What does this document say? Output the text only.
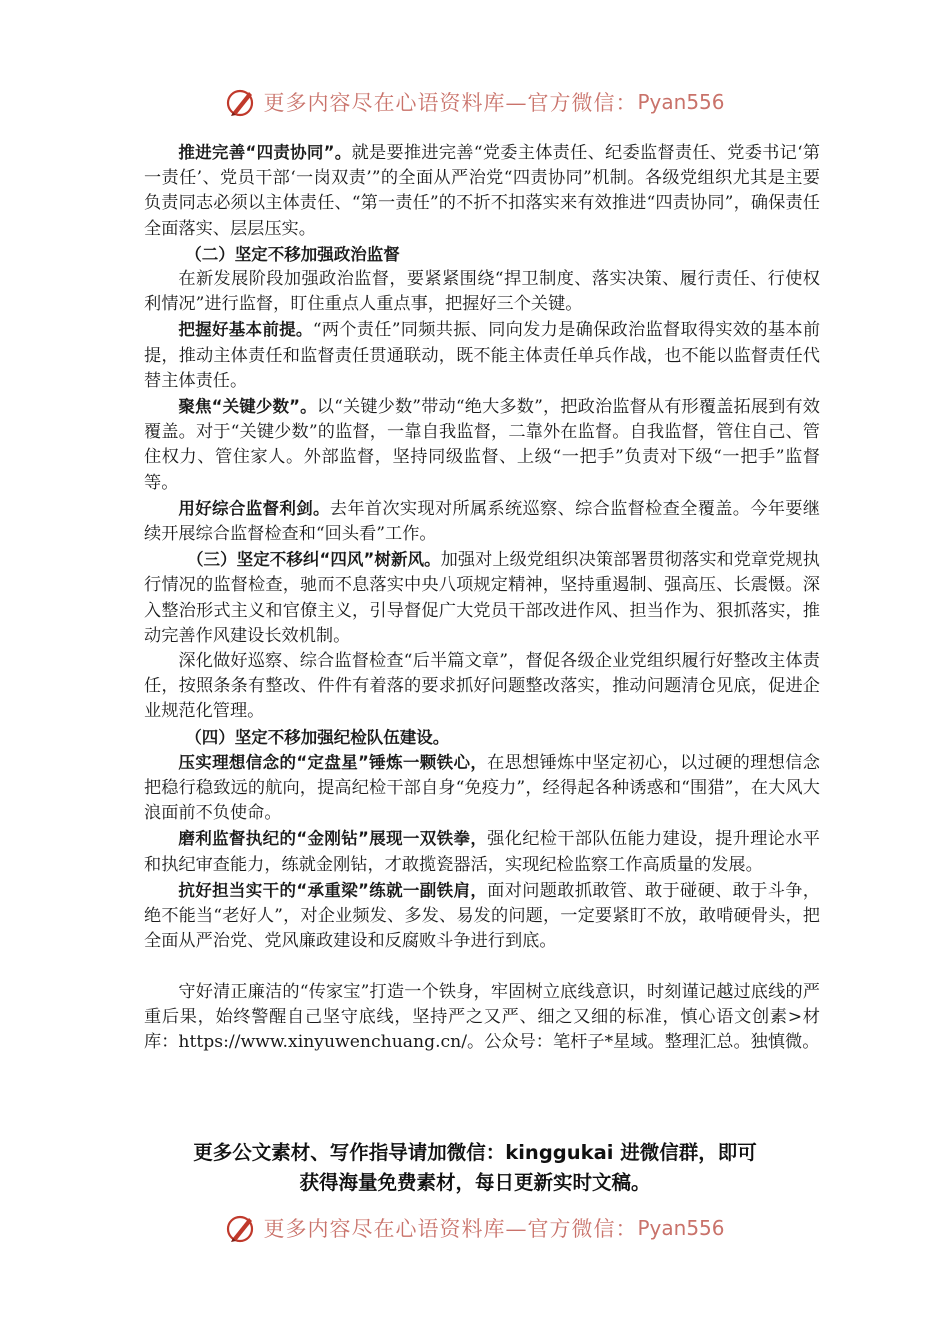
更多内容尽在心语资料库—官方微信： Pyan556

推进完善“四责协同”。就是要推进完善“党委主体责任、纪委监督责任、党委书记‘第一责任’、党员干部‘一岗双责’”的全面从严治党“四责协同”机制。各级党组织尤其是主要负责同志必须以主体责任、“第一责任”的不折不扣落实来有效推进“四责协同”，确保责任全面落实、层层压实。

（二）坚定不移加强政治监督

在新发展阶段加强政治监督，要紧紧围绕“捍卫制度、落实决策、履行责任、行使权利情况”进行监督，盯住重点人重点事，把握好三个关键。

把握好基本前提。“两个责任”同频共振、同向发力是确保政治监督取得实效的基本前提，推动主体责任和监督责任贯通联动，既不能主体责任单兵作战，也不能以监督责任代替主体责任。

聚焦“关键少数”。以“关键少数”带动“绝大多数”，把政治监督从有形覆盖拓展到有效覆盖。对于“关键少数”的监督，一靠自我监督，二靠外在监督。自我监督，管住自己、管住权力、管住家人。外部监督，坚持同级监督、上级“一把手”负责对下级“一把手”监督等。

用好综合监督利剑。去年首次实现对所属系统巡察、综合监督检查全覆盖。今年要继续开展综合监督检查和“回头看”工作。

（三）坚定不移纠“四风”树新风。加强对上级党组织决策部署贯彻落实和党章党规执行情况的监督检查，驰而不息落实中央八项规定精神，坚持重遏制、强高压、长震慑。深入整治形式主义和官僚主义，引导督促广大党员干部改进作风、担当作为、狠抓落实，推动完善作风建设长效机制。

深化做好巡察、综合监督检查“后半篇文章”，督促各级企业党组织履行好整改主体责任，按照条条有整改、件件有着落的要求抓好问题整改落实，推动问题清仓见底，促进企业规范化管理。

（四）坚定不移加强纪检队伍建设。

压实理想信念的“定盘星”锤炼一颗铁心，在思想锤炼中坚定初心，以过硬的理想信念把稳行稳致远的航向，提高纪检干部自身“免疫力”，经得起各种诱惑和“围猎”，在大风大浪面前不负使命。

磨利监督执纪的“金刚钻”展现一双铁拳，强化纪检干部队伍能力建设，提升理论水平和执纪审查能力，练就金刚钻，才敢揽瓷器活，实现纪检监察工作高质量的发展。

抗好担当实干的“承重梁”练就一副铁肩，面对问题敢抓敢管、敢于碰硬、敢于斗争，绝不能当“老好人”，对企业频发、多发、易发的问题，一定要紧盯不放，敢啃硬骨头，把全面从严治党、党风廉政建设和反腐败斗争进行到底。

守好清正廉洁的“传家宝”打造一个铁身，牢固树立底线意识，时刻谨记越过底线的严重后果，始终警醒自己坚守底线，坚持严之又严、细之又细的标准，慎心语文创素>材库：https://www.xinyuwenchuang.cn/。公众号：笔杆子*星域。整理汇总。独慎微。

更多公文素材、写作指导请加微信：kinggukai 进微信群，即可
获得海量免费素材，每日更新实时文稿。
更多内容尽在心语资料库—官方微信： Pyan556
